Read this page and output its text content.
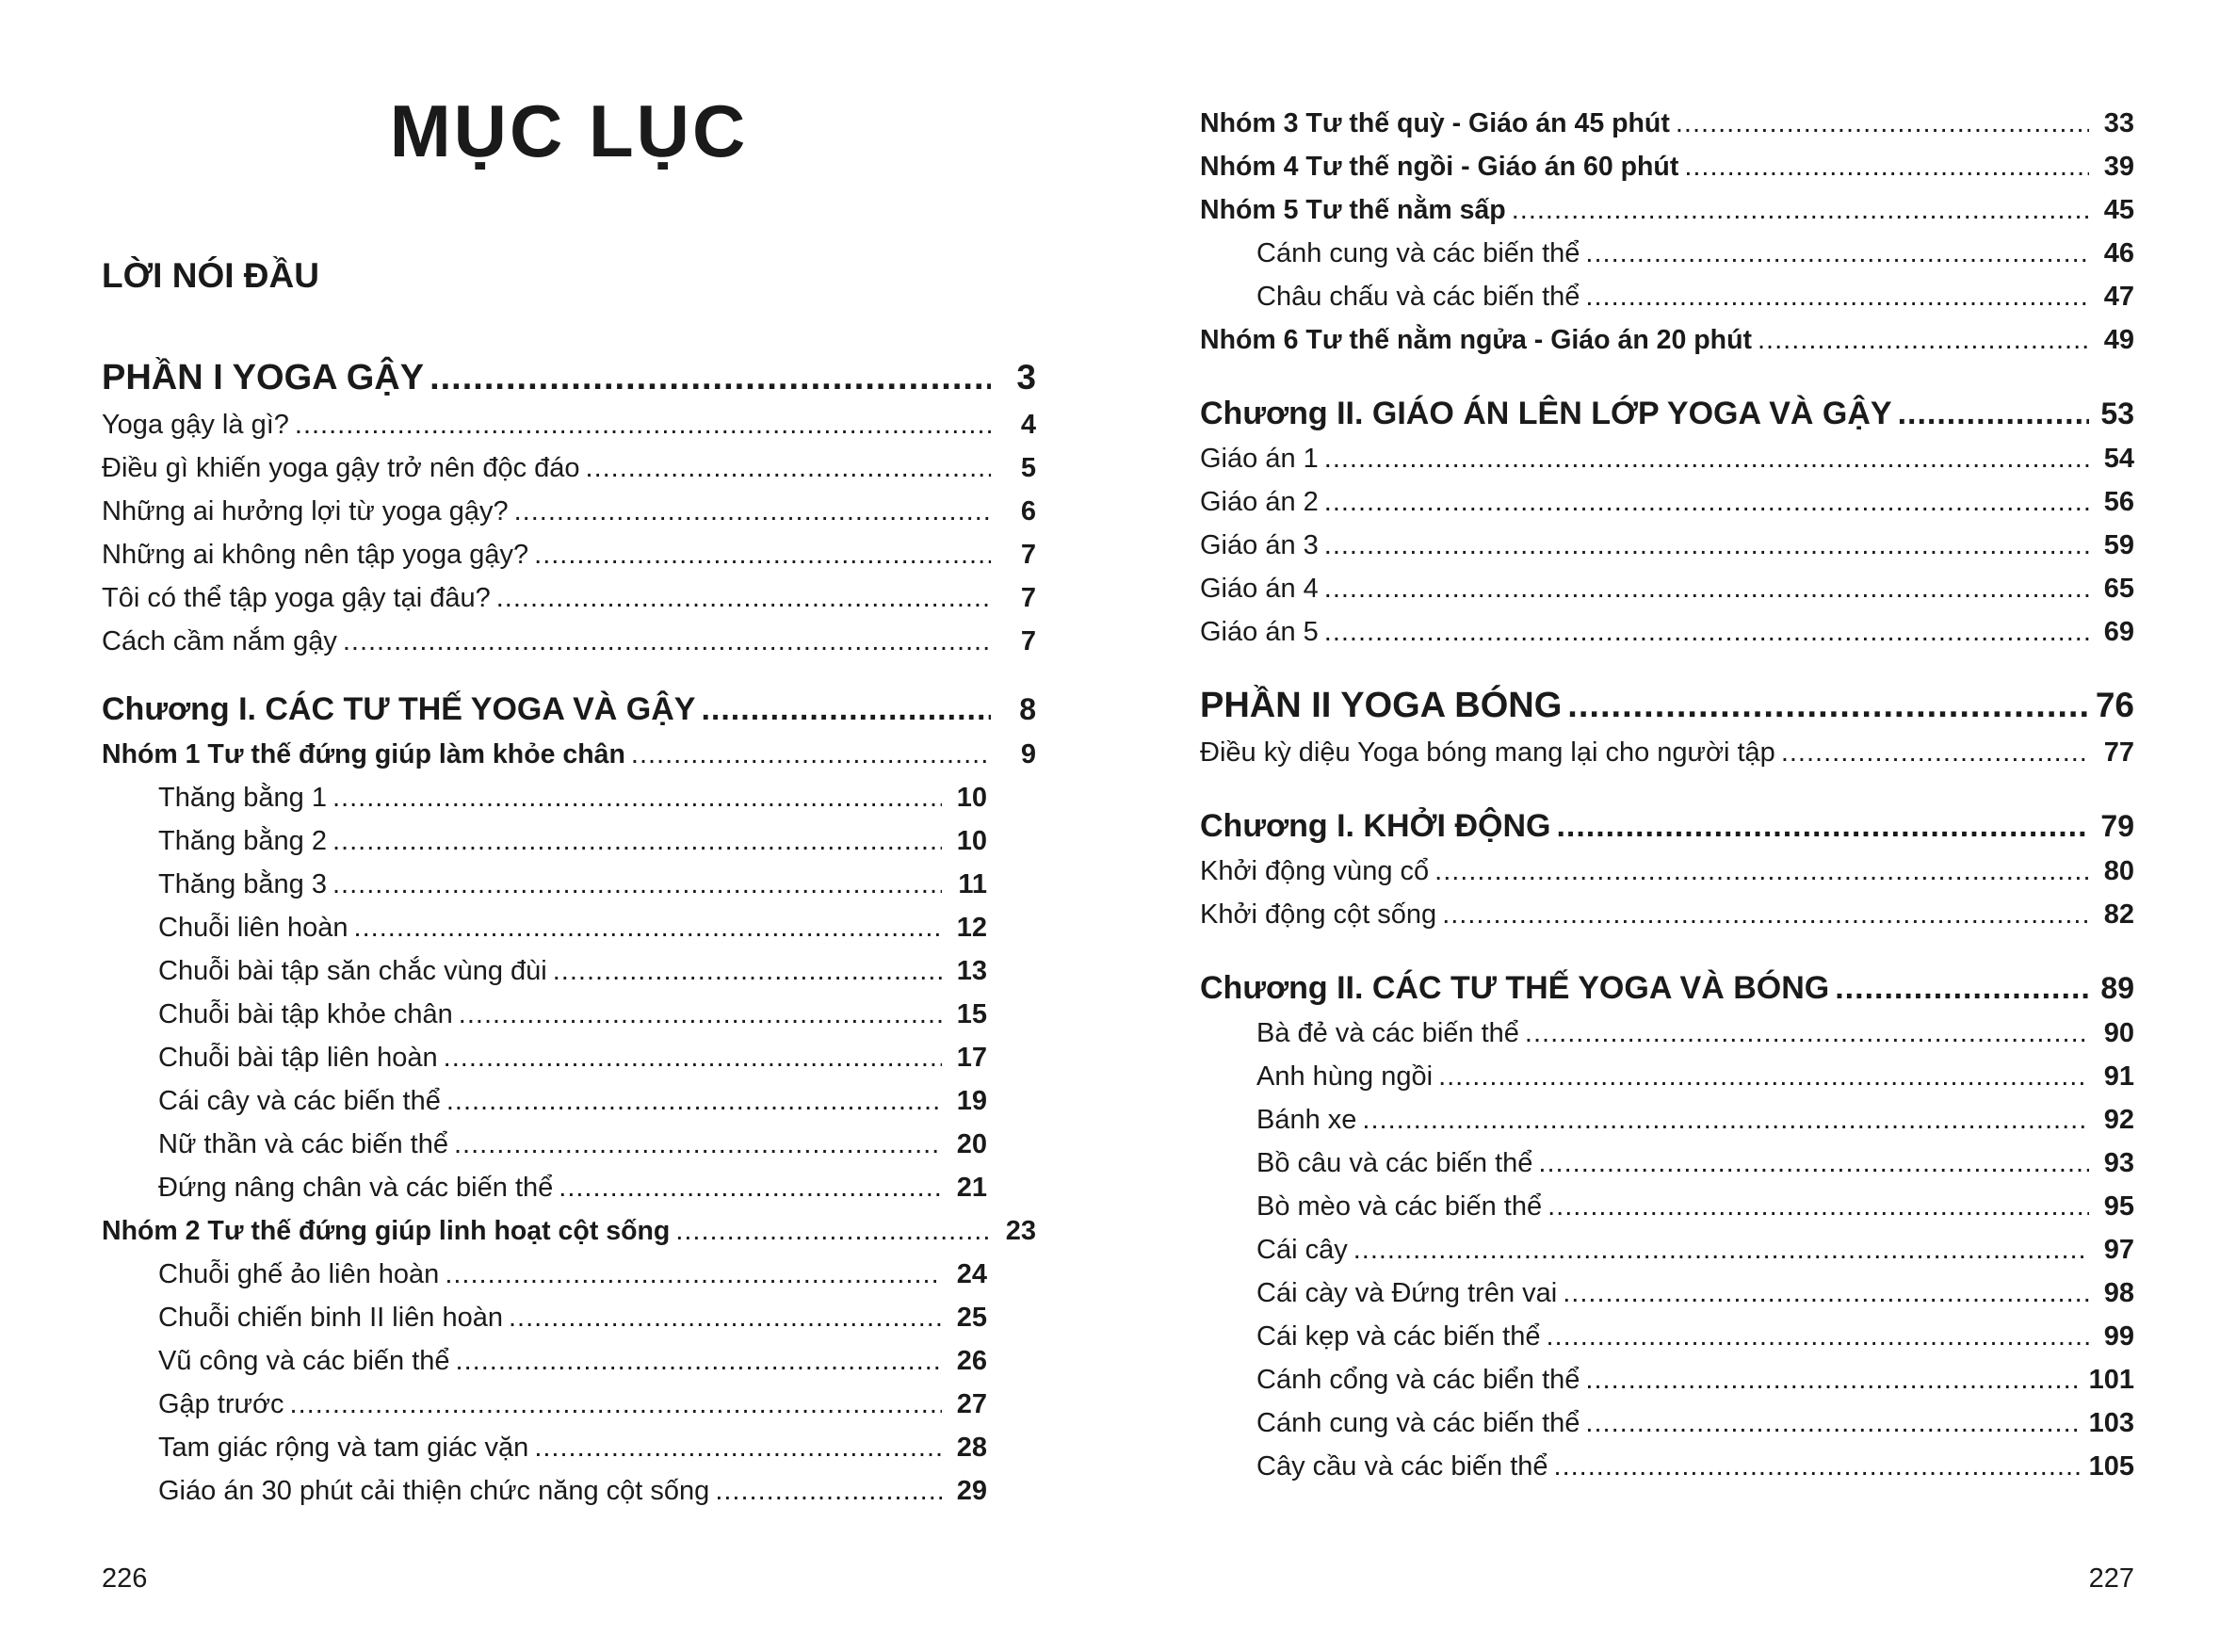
MỤC LỤC
LỜI NÓI ĐẦU
PHẦN I YOGA GẬY .....	3
Yoga gậy là gì? .....	4
Điều gì khiến yoga gậy trở nên độc đáo .....	5
Những ai hưởng lợi từ yoga gậy? .....	6
Những ai không nên tập yoga gậy? .....	7
Tôi có thể tập yoga gậy tại đâu? .....	7
Cách cầm nắm gậy .....	7
Chương I. CÁC TƯ THẾ YOGA VÀ GẬY .....	8
Nhóm 1 Tư thế đứng giúp làm khỏe chân .....	9
Thăng bằng 1 .....	10
Thăng bằng 2 .....	10
Thăng bằng 3 .....	11
Chuỗi liên hoàn .....	12
Chuỗi bài tập săn chắc vùng đùi .....	13
Chuỗi bài tập khỏe chân .....	15
Chuỗi bài tập liên hoàn .....	17
Cái cây và các biến thể .....	19
Nữ thần và các biến thể .....	20
Đứng nâng chân và các biến thể .....	21
Nhóm 2 Tư thế đứng giúp linh hoạt cột sống .....	23
Chuỗi ghế ảo liên hoàn .....	24
Chuỗi chiến binh II liên hoàn .....	25
Vũ công và các biến thể .....	26
Gập trước .....	27
Tam giác rộng và tam giác vặn .....	28
Giáo án 30 phút cải thiện chức năng cột sống .....	29
226
Nhóm 3 Tư thế quỳ - Giáo án 45 phút .....	33
Nhóm 4 Tư thế ngồi - Giáo án 60 phút .....	39
Nhóm 5 Tư thế nằm sấp .....	45
Cánh cung và các biến thể .....	46
Châu chấu và các biến thể .....	47
Nhóm 6 Tư thế nằm ngửa - Giáo án 20 phút .....	49
Chương II. GIÁO ÁN LÊN LỚP YOGA VÀ GẬY .....	53
Giáo án 1 .....	54
Giáo án 2 .....	56
Giáo án 3 .....	59
Giáo án 4 .....	65
Giáo án 5 .....	69
PHẦN II YOGA BÓNG .....	76
Điều kỳ diệu Yoga bóng mang lại cho người tập .....	77
Chương I. KHỞI ĐỘNG .....	79
Khởi động vùng cổ .....	80
Khởi động cột sống .....	82
Chương II. CÁC TƯ THẾ YOGA VÀ BÓNG .....	89
Bà đẻ và các biến thể .....	90
Anh hùng ngồi .....	91
Bánh xe .....	92
Bồ câu và các biến thể .....	93
Bò mèo và các biến thể .....	95
Cái cây .....	97
Cái cày và Đứng trên vai .....	98
Cái kẹp và các biến thể .....	99
Cánh cổng và các biển thể .....	101
Cánh cung và các biến thể .....	103
Cây cầu và các biến thể .....	105
227
